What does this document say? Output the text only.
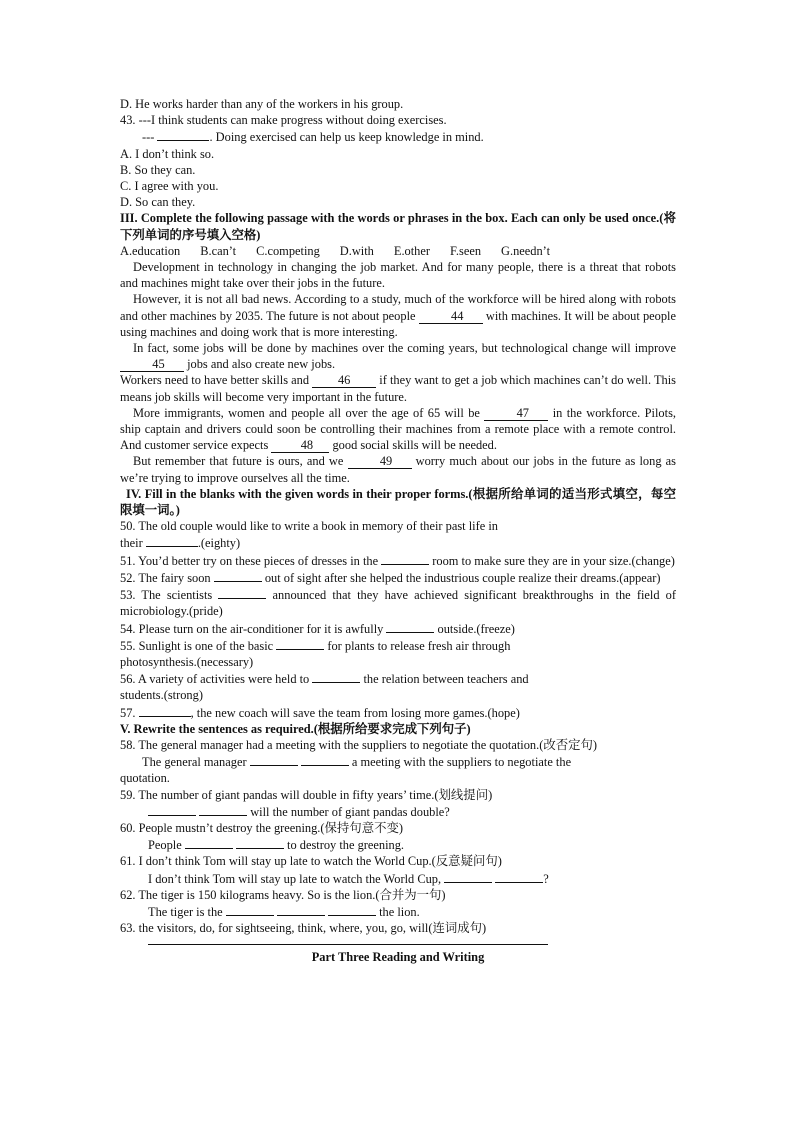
D. He works harder than any of the workers in his group.
43. ---I think students can make progress without doing exercises.
---	. Doing exercised can help us keep knowledge in mind.
A. I don’t think so.
B. So they can.
C. I agree with you.
D. So can they.
III. Complete the following passage with the words or phrases in the box. Each can only be used once.(将下列单词的序号填入空格)
A.education B.can’t C.competing D.with E.other F.seen G.needn’t
Development in technology in changing the job market. And for many people, there is a threat that robots and machines might take over their jobs in the future.
However, it is not all bad news. According to a study, much of the workforce will be hired along with robots and other machines by 2035. The future is not about people	44 with machines. It will be about people using machines and doing work that is more interesting.
In fact, some jobs will be done by machines over the coming years, but technological change will improve 45 jobs and also create new jobs.
Workers need to have better skills and 46 if they want to get a job which machines can’t do well. This means job skills will become very important in the future.
More immigrants, women and people all over the age of 65 will be	47 in the workforce. Pilots, ship captain and drivers could soon be controlling their machines from a remote place with a remote control. And customer service expects 48 good social skills will be needed.
But remember that future is ours, and we	49 worry much about our jobs in the future as long as we’re trying to improve ourselves all the time.
IV. Fill in the blanks with the given words in their proper forms.(根据所给单词的适当形式填空，每空限填一词。)
50. The old couple would like to write a book in memory of their past life in
their	.(eighty)
51. You’d better try on these pieces of dresses in the	room to make sure they are in your size.(change)
52. The fairy soon	out of sight after she helped the industrious couple realize their dreams.(appear)
53. The scientists	announced that they have achieved significant breakthroughs in the field of microbiology.(pride)
54. Please turn on the air-conditioner for it is awfully	outside.(freeze)
55. Sunlight is one of the basic	for plants to release fresh air through
photosynthesis.(necessary)
56. A variety of activities were held to	the relation between teachers and
students.(strong)
57.	, the new coach will save the team from losing more games.(hope)
V. Rewrite the sentences as required.(根据所给要求完成下列句子)
58. The general manager had a meeting with the suppliers to negotiate the quotation.(改否定句)
The general manager	a meeting with the suppliers to negotiate the
quotation.
59. The number of giant pandas will double in fifty years’ time.(划线提问)
will the number of giant pandas double?
60. People mustn’t destroy the greening.(保持句意不变)
People	to destroy the greening.
61. I don’t think Tom will stay up late to watch the World Cup.(反意疑问句)
I don’t think Tom will stay up late to watch the World Cup,	?
62. The tiger is 150 kilograms heavy. So is the lion.(合并为一句)
The tiger is the	the lion.
63. the visitors, do, for sightseeing, think, where, you, go, will(连词成句)
Part Three Reading and Writing
